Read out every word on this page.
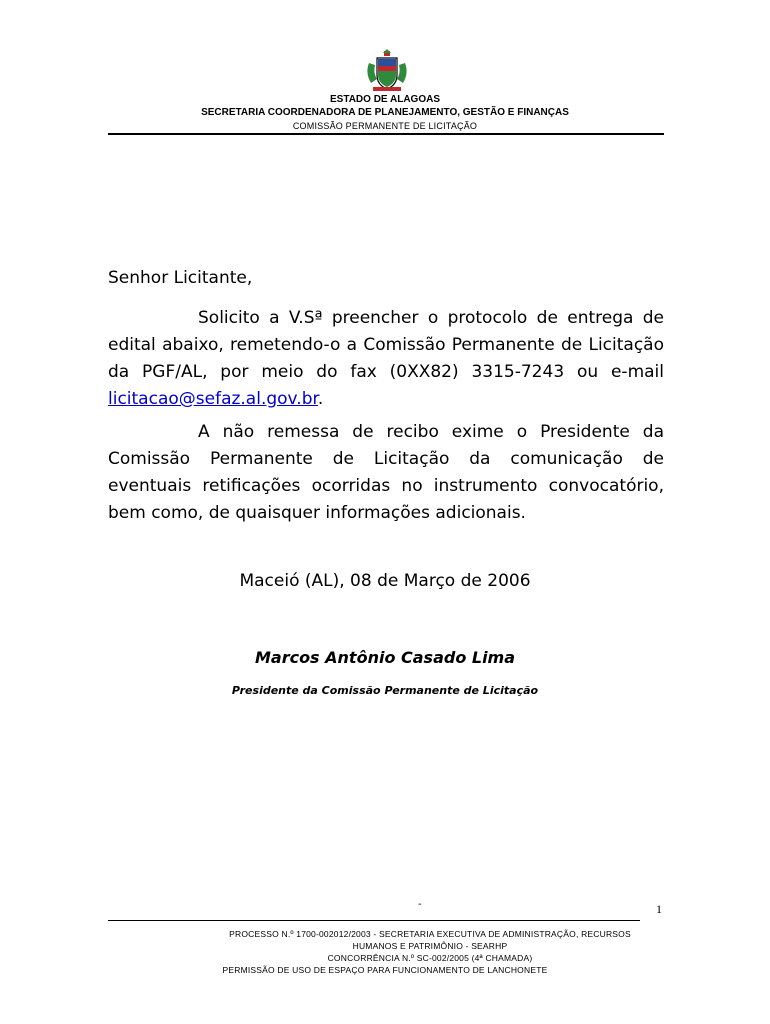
ESTADO DE ALAGOAS
SECRETARIA COORDENADORA DE PLANEJAMENTO, GESTÃO E FINANÇAS
COMISSÃO PERMANENTE DE LICITAÇÃO
Senhor Licitante,
Solicito a V.Sª preencher o protocolo de entrega de edital abaixo, remetendo-o a Comissão Permanente de Licitação da PGF/AL, por meio do fax (0XX82) 3315-7243 ou e-mail licitacao@sefaz.al.gov.br.
A não remessa de recibo exime o Presidente da Comissão Permanente de Licitação da comunicação de eventuais retificações ocorridas no instrumento convocatório, bem como, de quaisquer informações adicionais.
Maceió (AL), 08 de Março de 2006
Marcos Antônio Casado Lima
Presidente da Comissão Permanente de Licitação
-	1
PROCESSO N.º 1700-002012/2003 - SECRETARIA EXECUTIVA DE ADMINISTRAÇÃO, RECURSOS
HUMANOS E PATRIMÔNIO - SEARHP
CONCORRÊNCIA N.º SC-002/2005 (4ª CHAMADA)
PERMISSÃO DE USO DE ESPAÇO PARA FUNCIONAMENTO DE LANCHONETE
